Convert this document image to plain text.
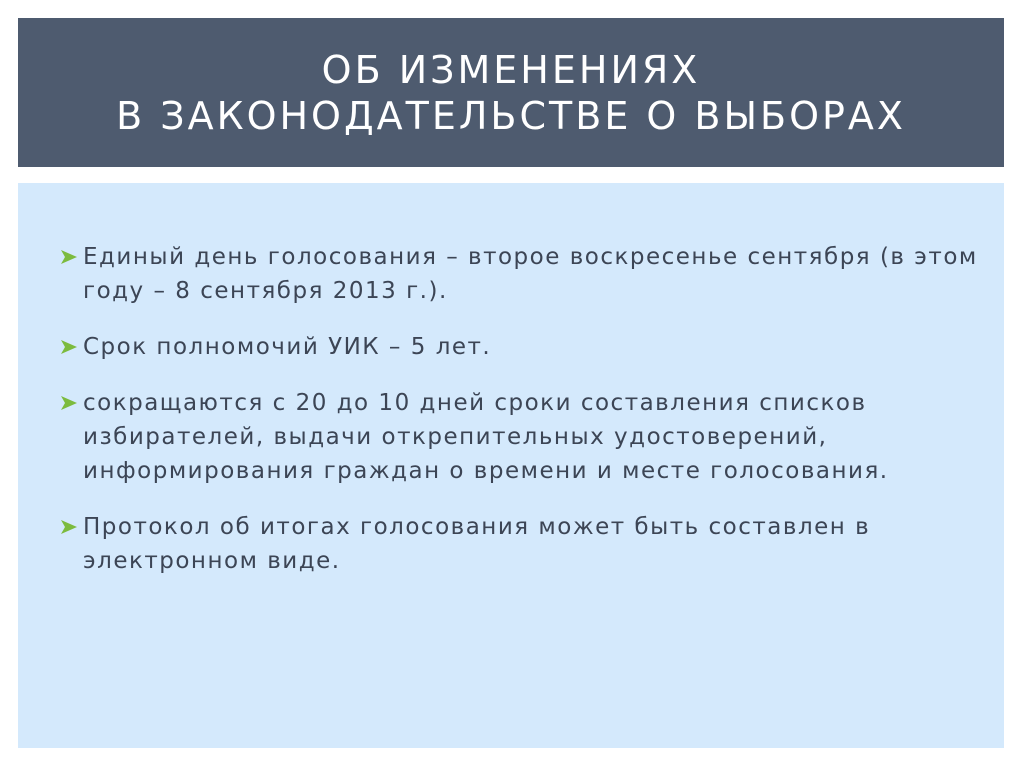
ОБ ИЗМЕНЕНИЯХ
В ЗАКОНОДАТЕЛЬСТВЕ О ВЫБОРАХ
Единый день голосования – второе воскресенье сентября (в этом году – 8 сентября 2013 г.).
Срок полномочий УИК – 5 лет.
сокращаются с 20 до 10 дней сроки составления списков избирателей, выдачи открепительных удостоверений, информирования граждан о времени и месте голосования.
Протокол об итогах голосования может быть составлен в электронном виде.
